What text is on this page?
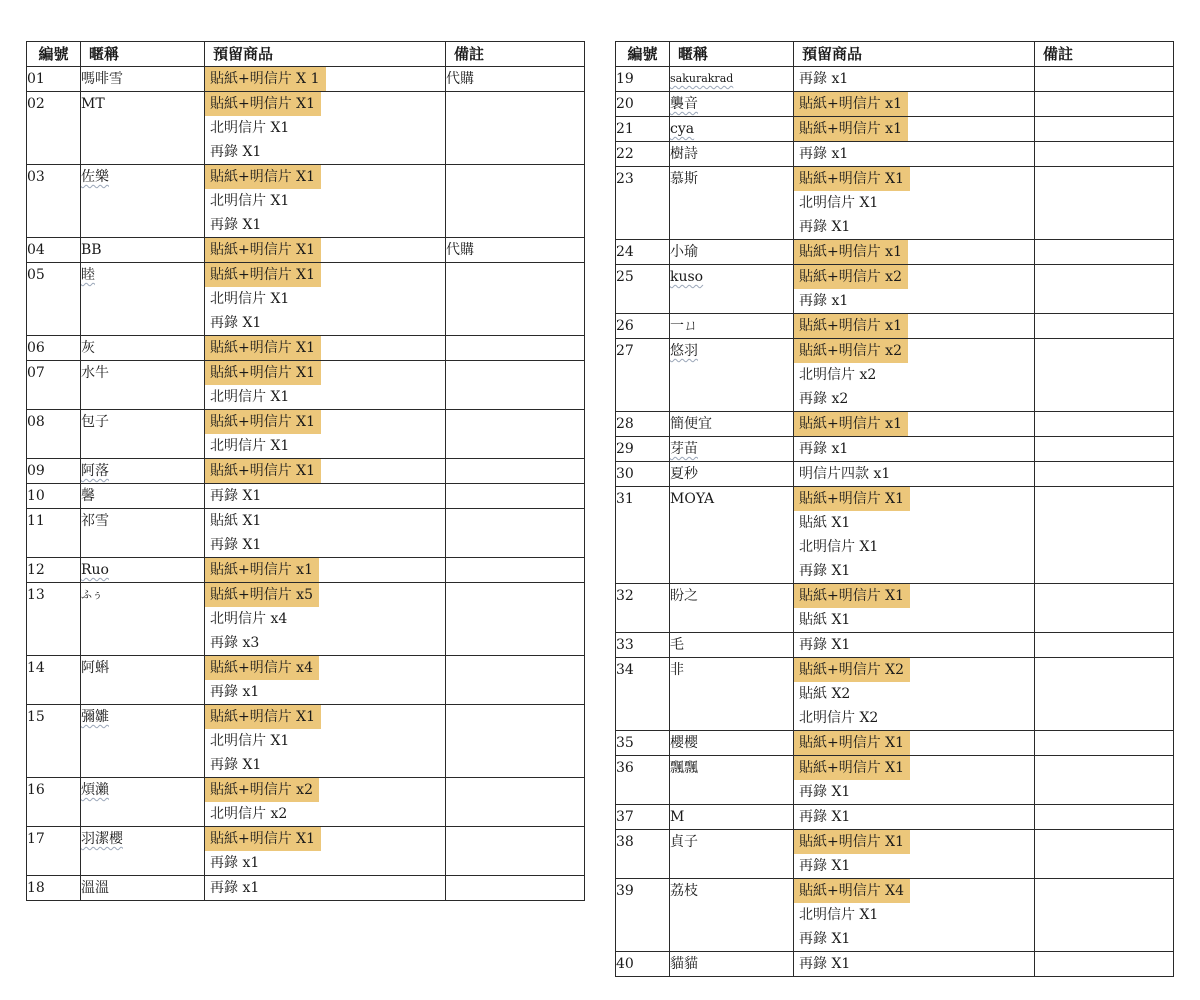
編號	暱稱	預留商品	備註
01	嗎啡雪	貼紙+明信片 X 1	代購
02	MT	貼紙+明信片 X1
北明信片 X1
再錄 X1	

03	佐樂	貼紙+明信片 X1
北明信片 X1
再錄 X1	

04	BB	貼紙+明信片 X1	代購
05	睦	貼紙+明信片 X1
北明信片 X1
再錄 X1	

06	灰	貼紙+明信片 X1	

07	水牛	貼紙+明信片 X1
北明信片 X1	

08	包子	貼紙+明信片 X1
北明信片 X1	

09	阿落	貼紙+明信片 X1	

10	馨	再錄 X1	

11	祁雪	貼紙 X1
再錄 X1	

12	Ruo	貼紙+明信片 x1	

13	ふぅ	貼紙+明信片 x5
北明信片 x4
再錄 x3	

14	阿蝌	貼紙+明信片 x4
再錄 x1	

15	彌雛	貼紙+明信片 X1
北明信片 X1
再錄 X1	

16	煩瀨	貼紙+明信片 x2
北明信片 x2	

17	羽潔櫻	貼紙+明信片 X1
再錄 x1	

18	溫溫	再錄 x1	

編號	暱稱	預留商品	備註
19	sakurakrad	再錄 x1	

20	襲音	貼紙+明信片 x1	

21	cya	貼紙+明信片 x1	

22	樹詩	再錄 x1	

23	慕斯	貼紙+明信片 X1
北明信片 X1
再錄 X1	

24	小瑜	貼紙+明信片 x1	

25	kuso	貼紙+明信片 x2
再錄 x1	

26	一ㄩ	貼紙+明信片 x1	

27	悠羽	貼紙+明信片 x2
北明信片 x2
再錄 x2	

28	簡便宜	貼紙+明信片 x1	

29	芽苗	再錄 x1	

30	夏秒	明信片四款 x1	

31	MOYA	貼紙+明信片 X1
貼紙 X1
北明信片 X1
再錄 X1	

32	盼之	貼紙+明信片 X1
貼紙 X1	

33	毛	再錄 X1	

34	非	貼紙+明信片 X2
貼紙 X2
北明信片 X2	

35	櫻櫻	貼紙+明信片 X1	

36	飄飄	貼紙+明信片 X1
再錄 X1	

37	M	再錄 X1	

38	貞子	貼紙+明信片 X1
再錄 X1	

39	荔枝	貼紙+明信片 X4
北明信片 X1
再錄 X1	

40	貓貓	再錄 X1	
